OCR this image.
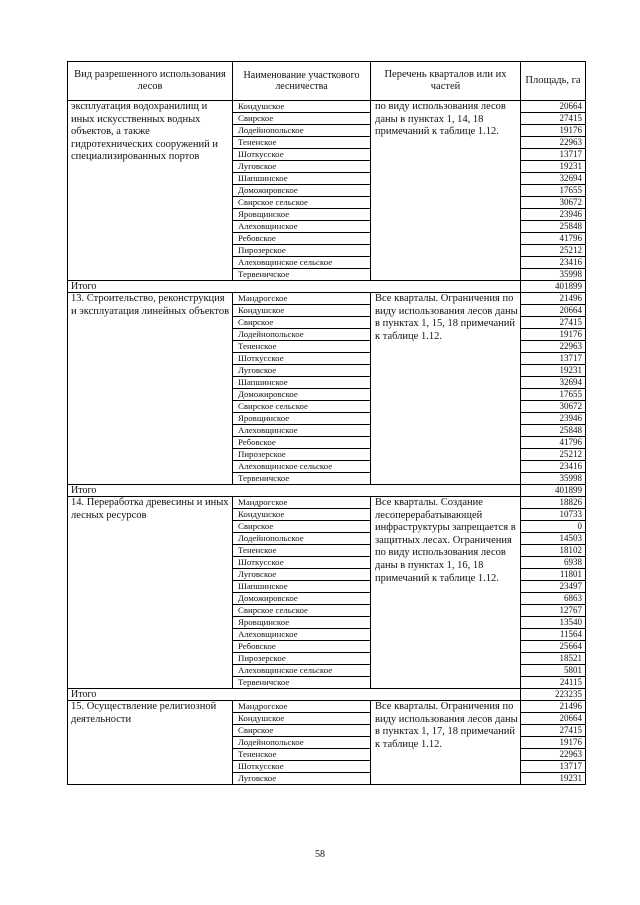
Вид разрешенного использования лесов	Наименование участкового лесничества	Перечень кварталов или их частей	Площадь, га
эксплуатация водохранилищ и иных искусственных водных объектов, а также гидротехнических сооружений и специализированных портов	Кондушское	по виду использования лесов даны в пунктах 1, 14, 18 примечаний к таблице 1.12.	20664
	Свирское		27415
	Лодейнопольское		19176
	Тененское		22963
	Шоткусское		13717
	Луговское		19231
	Шапшинское		32694
	Доможировское		17655
	Свирское сельское		30672
	Яровщинское		23946
	Алеховщинское		25848
	Ребовское		41796
	Пирозерское		25212
	Алеховщинское сельское		23416
	Тервеничское		35998
Итого			401899
13. Строительство, реконструкция и эксплуатация линейных объектов	Мандрогское	Все кварталы. Ограничения по виду использования лесов даны в пунктах 1, 15, 18 примечаний к таблице 1.12.	21496
	Кондушское		20664
	Свирское		27415
	Лодейнопольское		19176
	Тененское		22963
	Шоткусское		13717
	Луговское		19231
	Шапшинское		32694
	Доможировское		17655
	Свирское сельское		30672
	Яровщинское		23946
	Алеховщинское		25848
	Ребовское		41796
	Пирозерское		25212
	Алеховщинское сельское		23416
	Тервеничское		35998
Итого			401899
14. Переработка древесины и иных лесных ресурсов	Мандрогское	Все кварталы. Создание лесоперерабатывающей инфраструктуры запрещается в защитных лесах. Ограничения по виду использования лесов даны в пунктах 1, 16, 18 примечаний к таблице 1.12.	18826
	Кондушское		10733
	Свирское		0
	Лодейнопольское		14503
	Тененское		18102
	Шоткусское		6938
	Луговское		11801
	Шапшинское		23497
	Доможировское		6863
	Свирское сельское		12767
	Яровщинское		13540
	Алеховщинское		11564
	Ребовское		25664
	Пирозерское		18521
	Алеховщинское сельское		5801
	Тервеничское		24115
Итого			223235
15. Осуществление религиозной деятельности	Мандрогское	Все кварталы. Ограничения по виду использования лесов даны в пунктах 1, 17, 18 примечаний к таблице 1.12.	21496
	Кондушское		20664
	Свирское		27415
	Лодейнопольское		19176
	Тененское		22963
	Шоткусское		13717
	Луговское		19231
58
